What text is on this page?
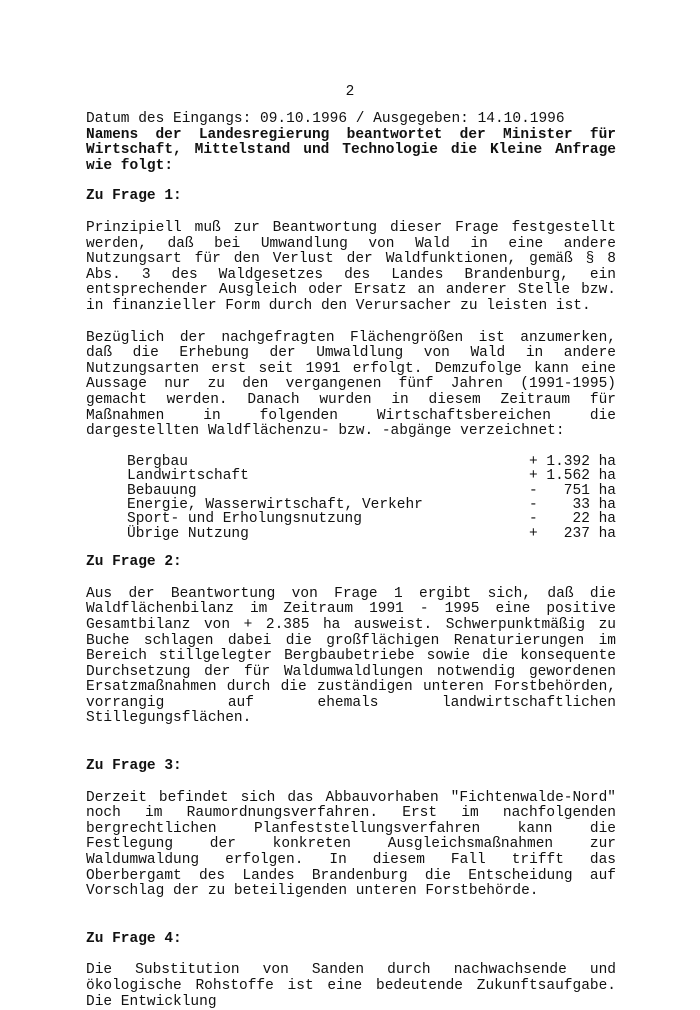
2

Datum des Eingangs: 09.10.1996 / Ausgegeben: 14.10.1996

Namens der Landesregierung beantwortet der Minister für Wirtschaft, Mittelstand und Technologie die Kleine Anfrage wie folgt:

Zu Frage 1:

Prinzipiell muß zur Beantwortung dieser Frage festgestellt werden, daß bei Umwandlung von Wald in eine andere Nutzungsart für den Verlust der Waldfunktionen, gemäß § 8 Abs. 3 des Waldgesetzes des Landes Brandenburg, ein entsprechender Ausgleich oder Ersatz an anderer Stelle bzw. in finanzieller Form durch den Verursacher zu leisten ist.

Bezüglich der nachgefragten Flächengrößen ist anzumerken, daß die Erhebung der Umwaldlung von Wald in andere Nutzungsarten erst seit 1991 erfolgt. Demzufolge kann eine Aussage nur zu den vergangenen fünf Jahren (1991-1995) gemacht werden. Danach wurden in diesem Zeitraum für Maßnahmen in folgenden Wirtschaftsbereichen die dargestellten Waldflächenzu- bzw. -abgänge verzeichnet:

Bergbau	+ 1.392 ha
Landwirtschaft	+ 1.562 ha
Bebauung	-   751 ha
Energie, Wasserwirtschaft, Verkehr	-    33 ha
Sport- und Erholungsnutzung	-    22 ha
Übrige Nutzung	+   237 ha

Zu Frage 2:

Aus der Beantwortung von Frage 1 ergibt sich, daß die Waldflächenbilanz im Zeitraum 1991 - 1995 eine positive Gesamtbilanz von + 2.385 ha ausweist. Schwerpunktmäßig zu Buche schlagen dabei die großflächigen Renaturierungen im Bereich stillgelegter Bergbaubetriebe sowie die konsequente Durchsetzung der für Waldumwaldlungen notwendig gewordenen Ersatzmaßnahmen durch die zuständigen unteren Forstbehörden, vorrangig auf ehemals landwirtschaftlichen Stillegungsflächen.

Zu Frage 3:

Derzeit befindet sich das Abbauvorhaben "Fichtenwalde-Nord" noch im Raumordnungsverfahren. Erst im nachfolgenden bergrechtlichen Planfeststellungsverfahren kann die Festlegung der konkreten Ausgleichsmaßnahmen zur Waldumwaldung erfolgen. In diesem Fall trifft das Oberbergamt des Landes Brandenburg die Entscheidung auf Vorschlag der zu beteiligenden unteren Forstbehörde.

Zu Frage 4:

Die Substitution von Sanden durch nachwachsende und ökologische Rohstoffe ist eine bedeutende Zukunftsaufgabe. Die Entwicklung
